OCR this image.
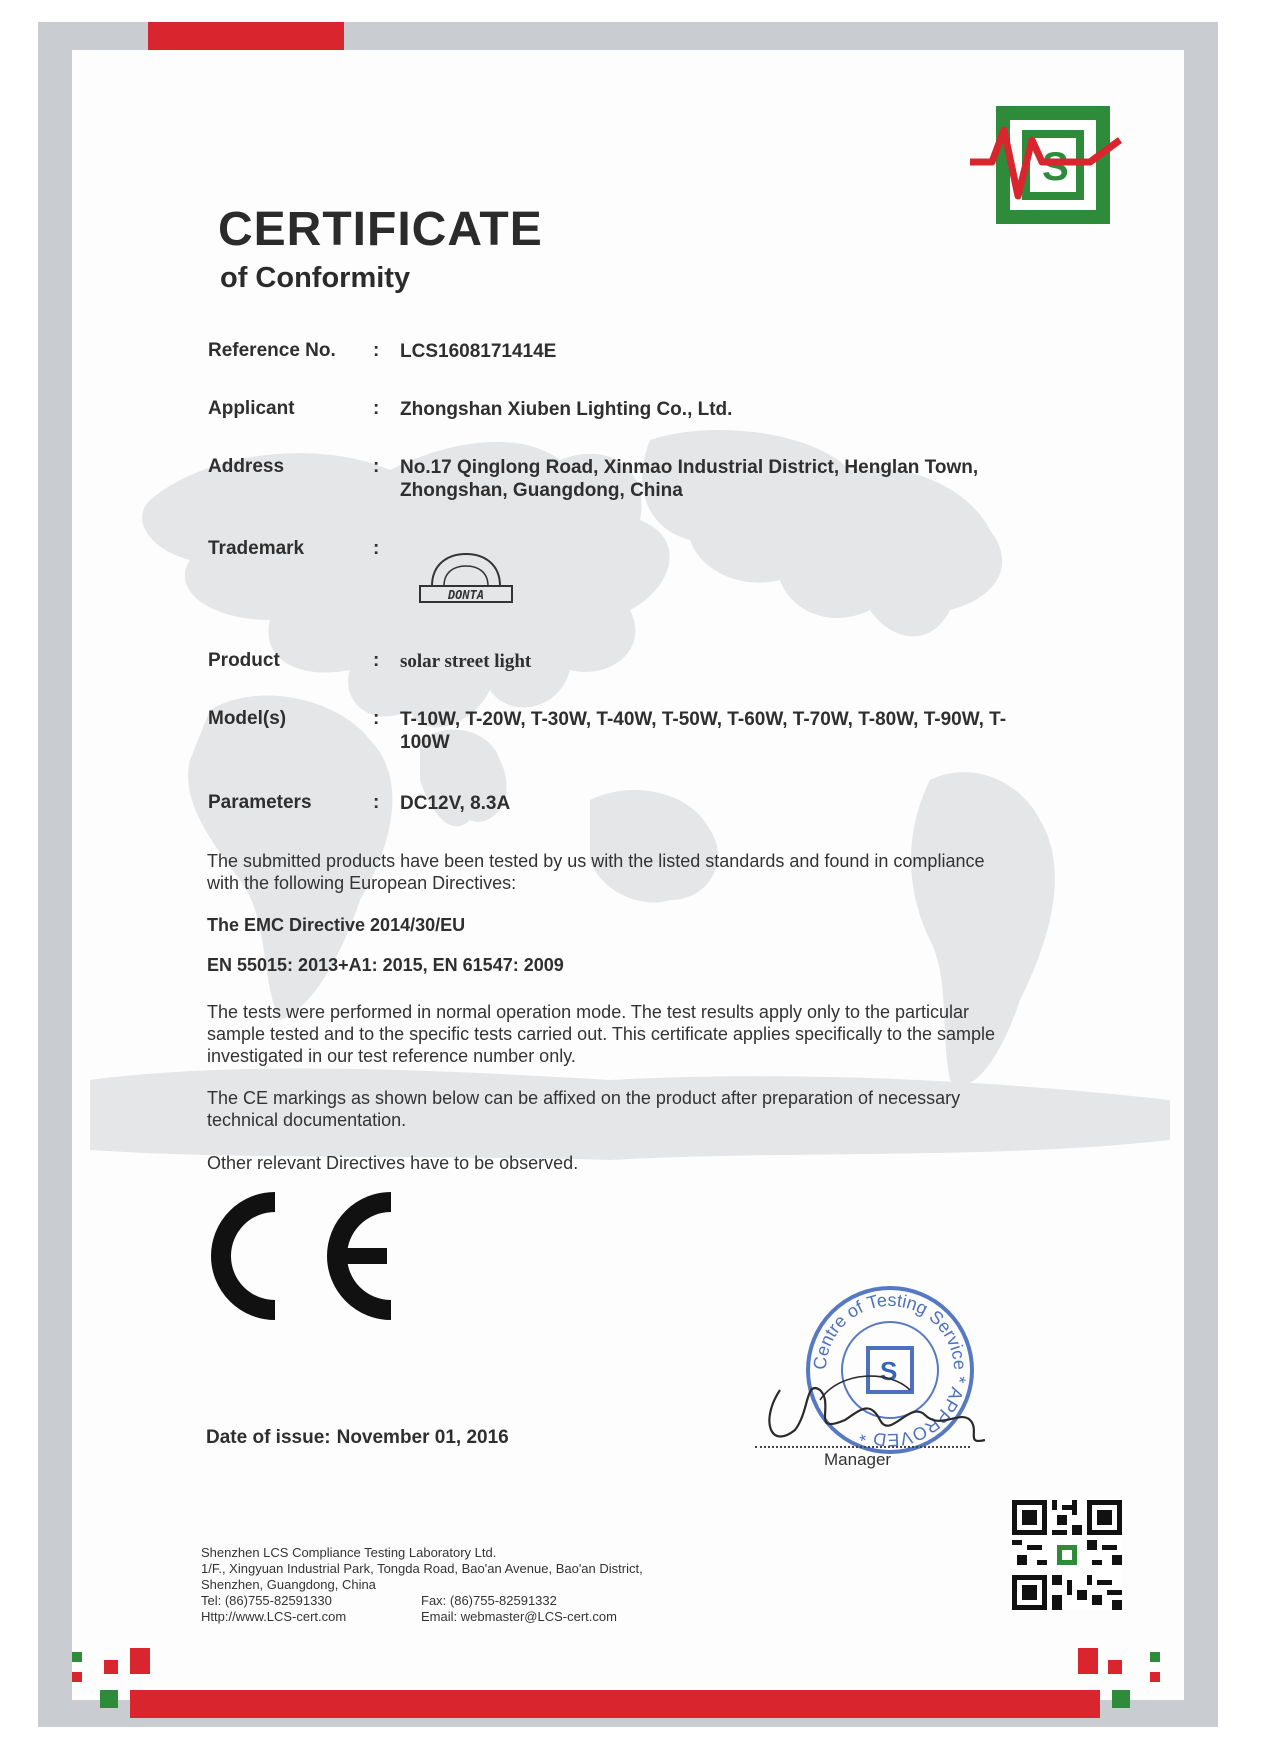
S
CERTIFICATE
of Conformity
Reference No.	: LCS1608171414E
Applicant	: Zhongshan Xiuben Lighting Co., Ltd.
Address	: No.17 Qinglong Road, Xinmao Industrial District, Henglan Town, Zhongshan, Guangdong, China
Trademark	:
DONTA
Product	: solar street light
Model(s)	: T-10W, T-20W, T-30W, T-40W, T-50W, T-60W, T-70W, T-80W, T-90W, T-100W
Parameters	: DC12V, 8.3A

The submitted products have been tested by us with the listed standards and found in compliance with the following European Directives:

The EMC Directive 2014/30/EU
EN 55015: 2013+A1: 2015, EN 61547: 2009

The tests were performed in normal operation mode. The test results apply only to the particular sample tested and to the specific tests carried out. This certificate applies specifically to the sample investigated in our test reference number only.

The CE markings as shown below can be affixed on the product after preparation of necessary technical documentation.

Other relevant Directives have to be observed.

Centre of Testing Service * APPROVED *
S
Manager
Date of issue: November 01, 2016
Shenzhen LCS Compliance Testing Laboratory Ltd.
1/F., Xingyuan Industrial Park, Tongda Road, Bao'an Avenue, Bao'an District,
Shenzhen, Guangdong, China
Tel: (86)755-82591330	Fax: (86)755-82591332
Http://www.LCS-cert.com	Email: webmaster@LCS-cert.com
